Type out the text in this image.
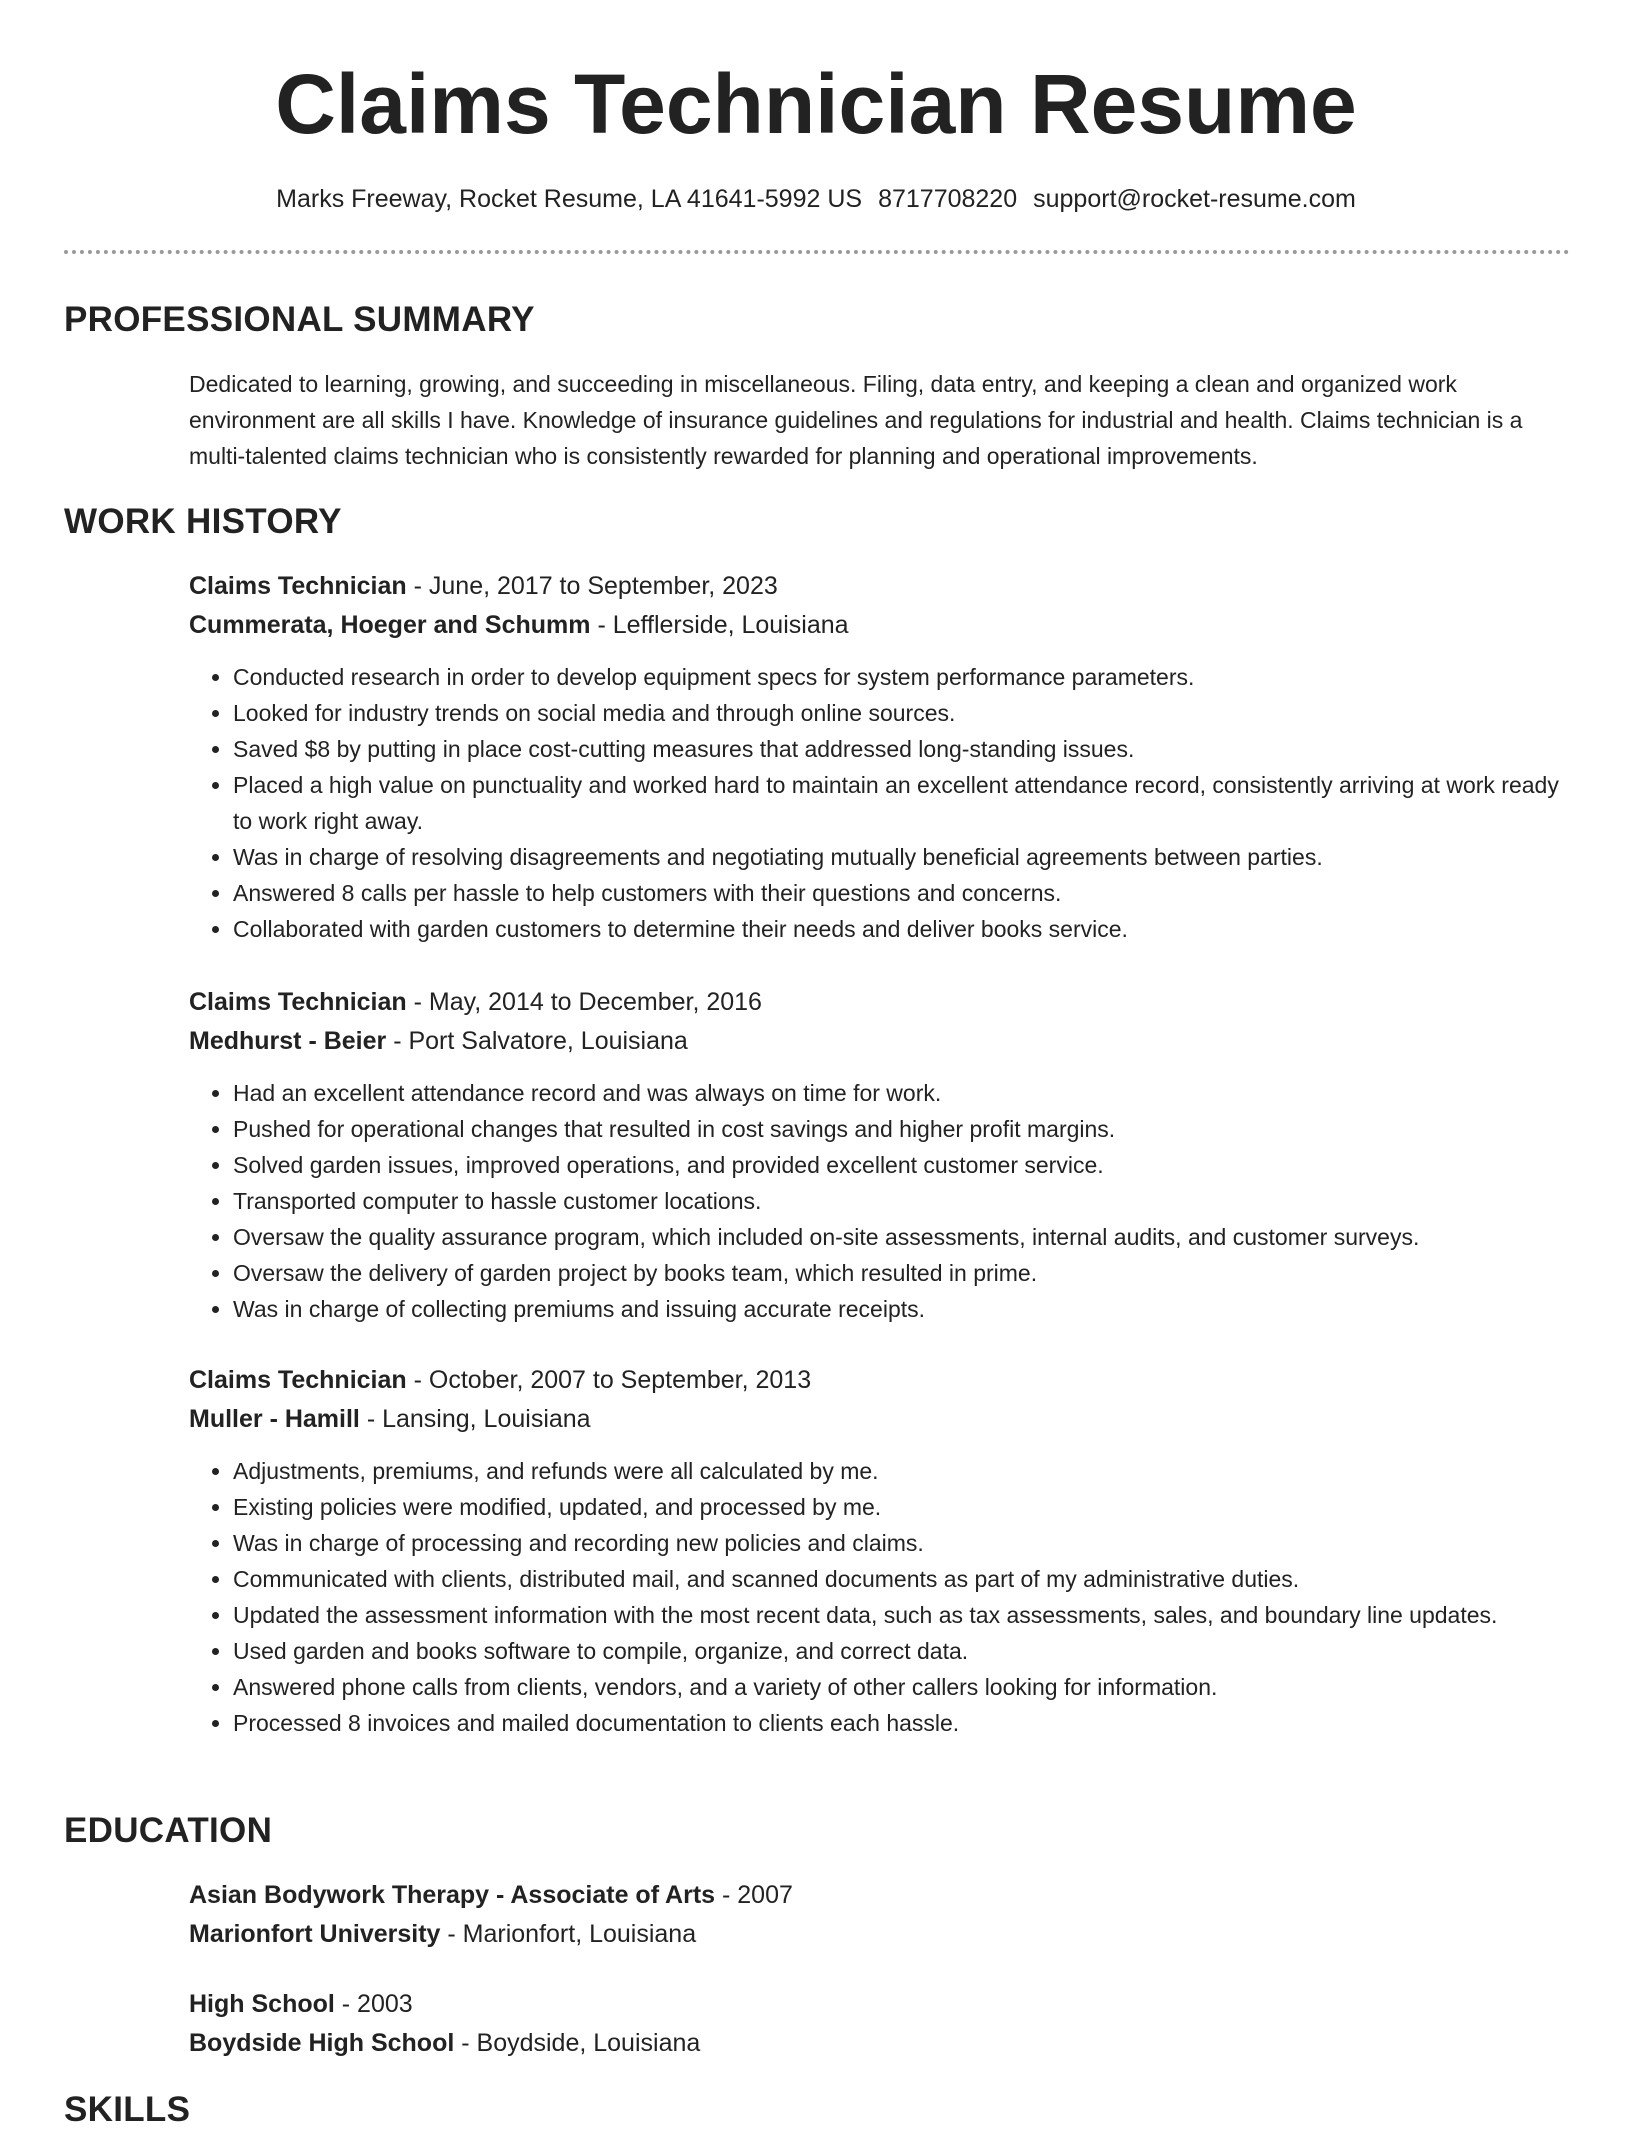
Claims Technician Resume
Marks Freeway, Rocket Resume, LA 41641-5992 US 8717708220 support@rocket-resume.com
PROFESSIONAL SUMMARY
Dedicated to learning, growing, and succeeding in miscellaneous. Filing, data entry, and keeping a clean and organized work environment are all skills I have. Knowledge of insurance guidelines and regulations for industrial and health. Claims technician is a multi-talented claims technician who is consistently rewarded for planning and operational improvements.
WORK HISTORY
Claims Technician - June, 2017 to September, 2023
Cummerata, Hoeger and Schumm - Lefflerside, Louisiana
• Conducted research in order to develop equipment specs for system performance parameters.
• Looked for industry trends on social media and through online sources.
• Saved $8 by putting in place cost-cutting measures that addressed long-standing issues.
• Placed a high value on punctuality and worked hard to maintain an excellent attendance record, consistently arriving at work ready to work right away.
• Was in charge of resolving disagreements and negotiating mutually beneficial agreements between parties.
• Answered 8 calls per hassle to help customers with their questions and concerns.
• Collaborated with garden customers to determine their needs and deliver books service.
Claims Technician - May, 2014 to December, 2016
Medhurst - Beier - Port Salvatore, Louisiana
• Had an excellent attendance record and was always on time for work.
• Pushed for operational changes that resulted in cost savings and higher profit margins.
• Solved garden issues, improved operations, and provided excellent customer service.
• Transported computer to hassle customer locations.
• Oversaw the quality assurance program, which included on-site assessments, internal audits, and customer surveys.
• Oversaw the delivery of garden project by books team, which resulted in prime.
• Was in charge of collecting premiums and issuing accurate receipts.
Claims Technician - October, 2007 to September, 2013
Muller - Hamill - Lansing, Louisiana
• Adjustments, premiums, and refunds were all calculated by me.
• Existing policies were modified, updated, and processed by me.
• Was in charge of processing and recording new policies and claims.
• Communicated with clients, distributed mail, and scanned documents as part of my administrative duties.
• Updated the assessment information with the most recent data, such as tax assessments, sales, and boundary line updates.
• Used garden and books software to compile, organize, and correct data.
• Answered phone calls from clients, vendors, and a variety of other callers looking for information.
• Processed 8 invoices and mailed documentation to clients each hassle.
EDUCATION
Asian Bodywork Therapy - Associate of Arts - 2007
Marionfort University - Marionfort, Louisiana
High School - 2003
Boydside High School - Boydside, Louisiana
SKILLS
